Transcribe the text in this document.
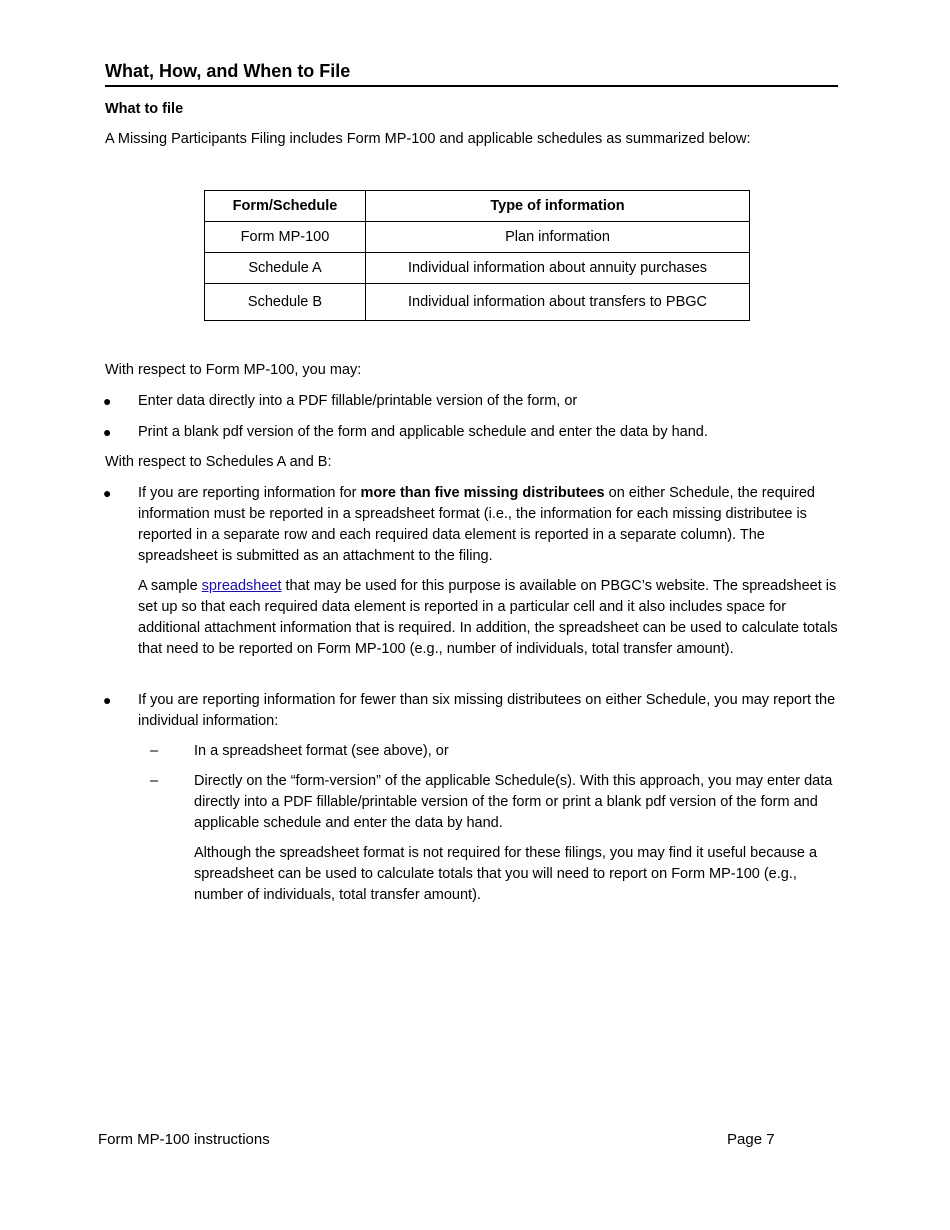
What, How, and When to File
What to file
A Missing Participants Filing includes Form MP-100 and applicable schedules as summarized below:
Form/Schedule	Type of information
Form MP-100	Plan information
Schedule A	Individual information about annuity purchases
Schedule B	Individual information about transfers to PBGC
With respect to Form MP-100, you may:
● Enter data directly into a PDF fillable/printable version of the form, or
● Print a blank pdf version of the form and applicable schedule and enter the data by hand.
With respect to Schedules A and B:
● If you are reporting information for more than five missing distributees on either Schedule, the required information must be reported in a spreadsheet format (i.e., the information for each missing distributee is reported in a separate row and each required data element is reported in a separate column). The spreadsheet is submitted as an attachment to the filing.
A sample spreadsheet that may be used for this purpose is available on PBGC’s website. The spreadsheet is set up so that each required data element is reported in a particular cell and it also includes space for additional attachment information that is required. In addition, the spreadsheet can be used to calculate totals that need to be reported on Form MP-100 (e.g., number of individuals, total transfer amount).
● If you are reporting information for fewer than six missing distributees on either Schedule, you may report the individual information:
– In a spreadsheet format (see above), or
– Directly on the “form-version” of the applicable Schedule(s). With this approach, you may enter data directly into a PDF fillable/printable version of the form or print a blank pdf version of the form and applicable schedule and enter the data by hand.
Although the spreadsheet format is not required for these filings, you may find it useful because a spreadsheet can be used to calculate totals that you will need to report on Form MP-100 (e.g., number of individuals, total transfer amount).
Form MP-100 instructions	Page 7
